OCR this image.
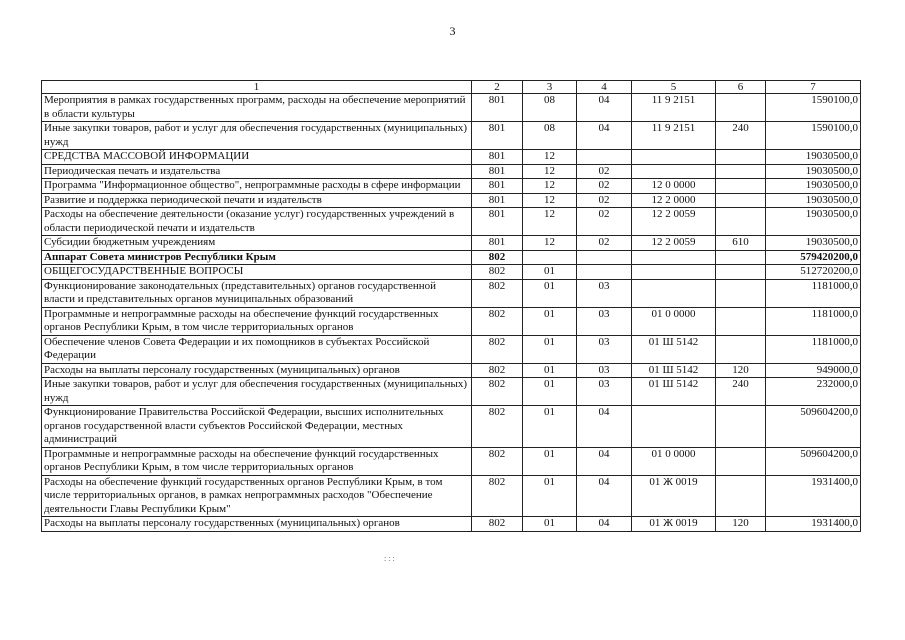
3
1	2	3	4	5	6	7
Мероприятия в рамках государственных программ, расходы на обеспечение мероприятий в области культуры	801	08	04	11 9 2151		1590100,0
Иные закупки товаров, работ и услуг для обеспечения государственных (муниципальных) нужд	801	08	04	11 9 2151	240	1590100,0
СРЕДСТВА МАССОВОЙ ИНФОРМАЦИИ	801	12				19030500,0
Периодическая печать и издательства	801	12	02			19030500,0
Программа "Информационное общество", непрограммные расходы в сфере информации	801	12	02	12 0 0000		19030500,0
Развитие и поддержка периодической печати и издательств	801	12	02	12 2 0000		19030500,0
Расходы на обеспечение деятельности (оказание услуг) государственных учреждений в области периодической печати и издательств	801	12	02	12 2 0059		19030500,0
Субсидии бюджетным учреждениям	801	12	02	12 2 0059	610	19030500,0
Аппарат Совета министров Республики Крым	802					579420200,0
ОБЩЕГОСУДАРСТВЕННЫЕ ВОПРОСЫ	802	01				512720200,0
Функционирование законодательных (представительных) органов государственной власти и представительных органов муниципальных образований	802	01	03			1181000,0
Программные и непрограммные расходы на обеспечение функций государственных органов Республики Крым, в том числе территориальных органов	802	01	03	01 0 0000		1181000,0
Обеспечение членов Совета Федерации и их помощников в субъектах Российской Федерации	802	01	03	01 Ш 5142		1181000,0
Расходы на выплаты персоналу государственных (муниципальных) органов	802	01	03	01 Ш 5142	120	949000,0
Иные закупки товаров, работ и услуг для обеспечения государственных (муниципальных) нужд	802	01	03	01 Ш 5142	240	232000,0
Функционирование Правительства Российской Федерации, высших исполнительных органов государственной власти субъектов Российской Федерации, местных администраций	802	01	04			509604200,0
Программные и непрограммные расходы на обеспечение функций государственных органов Республики Крым, в том числе территориальных органов	802	01	04	01 0 0000		509604200,0
Расходы на обеспечение функций государственных органов Республики Крым, в том числе территориальных органов, в рамках непрограммных расходов "Обеспечение деятельности Главы Республики Крым"	802	01	04	01 Ж 0019		1931400,0
Расходы на выплаты персоналу государственных (муниципальных) органов	802	01	04	01 Ж 0019	120	1931400,0
: : :
